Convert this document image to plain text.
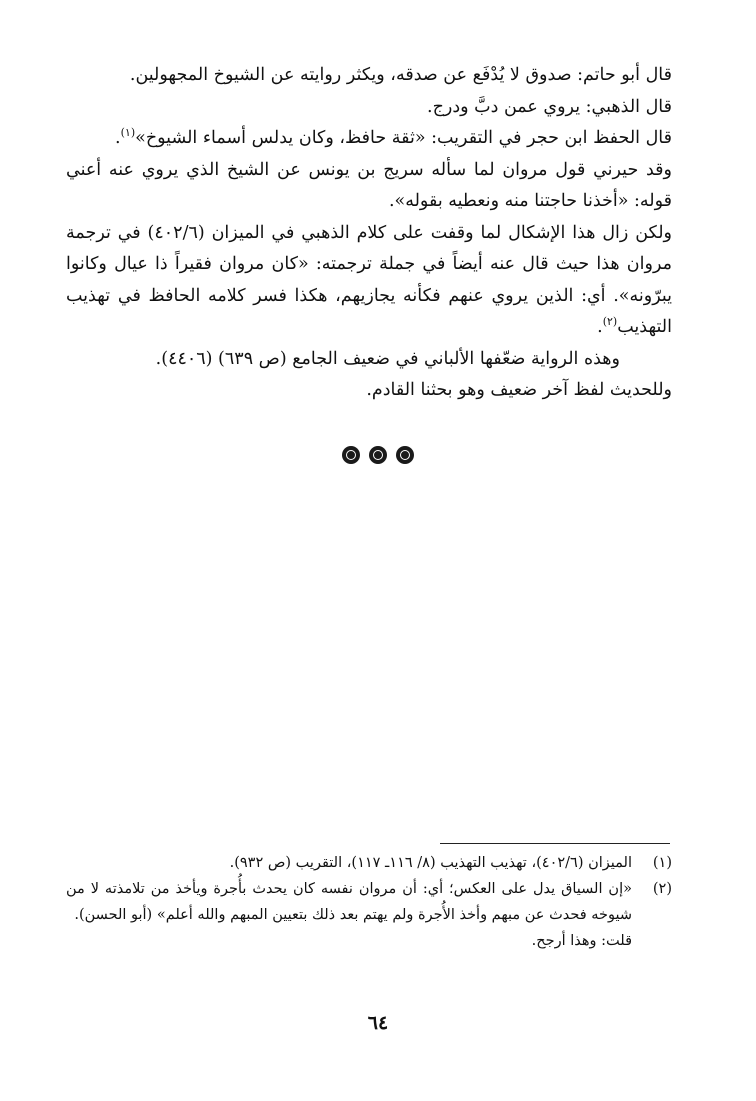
قال أبو حاتم: صدوق لا يُدْفَع عن صدقه، ويكثر روايته عن الشيوخ المجهولين.

قال الذهبي: يروي عمن دبَّ ودرج.

قال الحفظ ابن حجر في التقريب: «ثقة حافظ، وكان يدلس أسماء الشيوخ»$^{(١)}$.

وقد حيرني قول مروان لما سأله سريج بن يونس عن الشيخ الذي يروي عنه أعني قوله: «أخذنا حاجتنا منه ونعطيه بقوله».

ولكن زال هذا الإشكال لما وقفت على كلام الذهبي في الميزان (٤٠٢/٦) في ترجمة مروان هذا حيث قال عنه أيضاً في جملة ترجمته: «كان مروان فقيراً ذا عيال وكانوا يبرّونه». أي: الذين يروي عنهم فكأنه يجازيهم، هكذا فسر كلامه الحافظ في تهذيب التهذيب$^{(٢)}$.

وهذه الرواية ضعّفها الألباني في ضعيف الجامع (ص ٦٣٩) (٤٤٠٦).

وللحديث لفظ آخر ضعيف وهو بحثنا القادم.

(١)

الميزان (٤٠٢/٦)، تهذيب التهذيب (٨/ ١١٦ـ ١١٧)، التقريب (ص ٩٣٢).

(٢)

«إن السياق يدل على العكس؛ أي: أن مروان نفسه كان يحدث بأُجرة ويأخذ من تلامذته لا من شيوخه فحدث عن مبهم وأخذ الأُجرة ولم يهتم بعد ذلك بتعيين المبهم والله أعلم» (أبو الحسن).

قلت: وهذا أرجح.

٦٤
